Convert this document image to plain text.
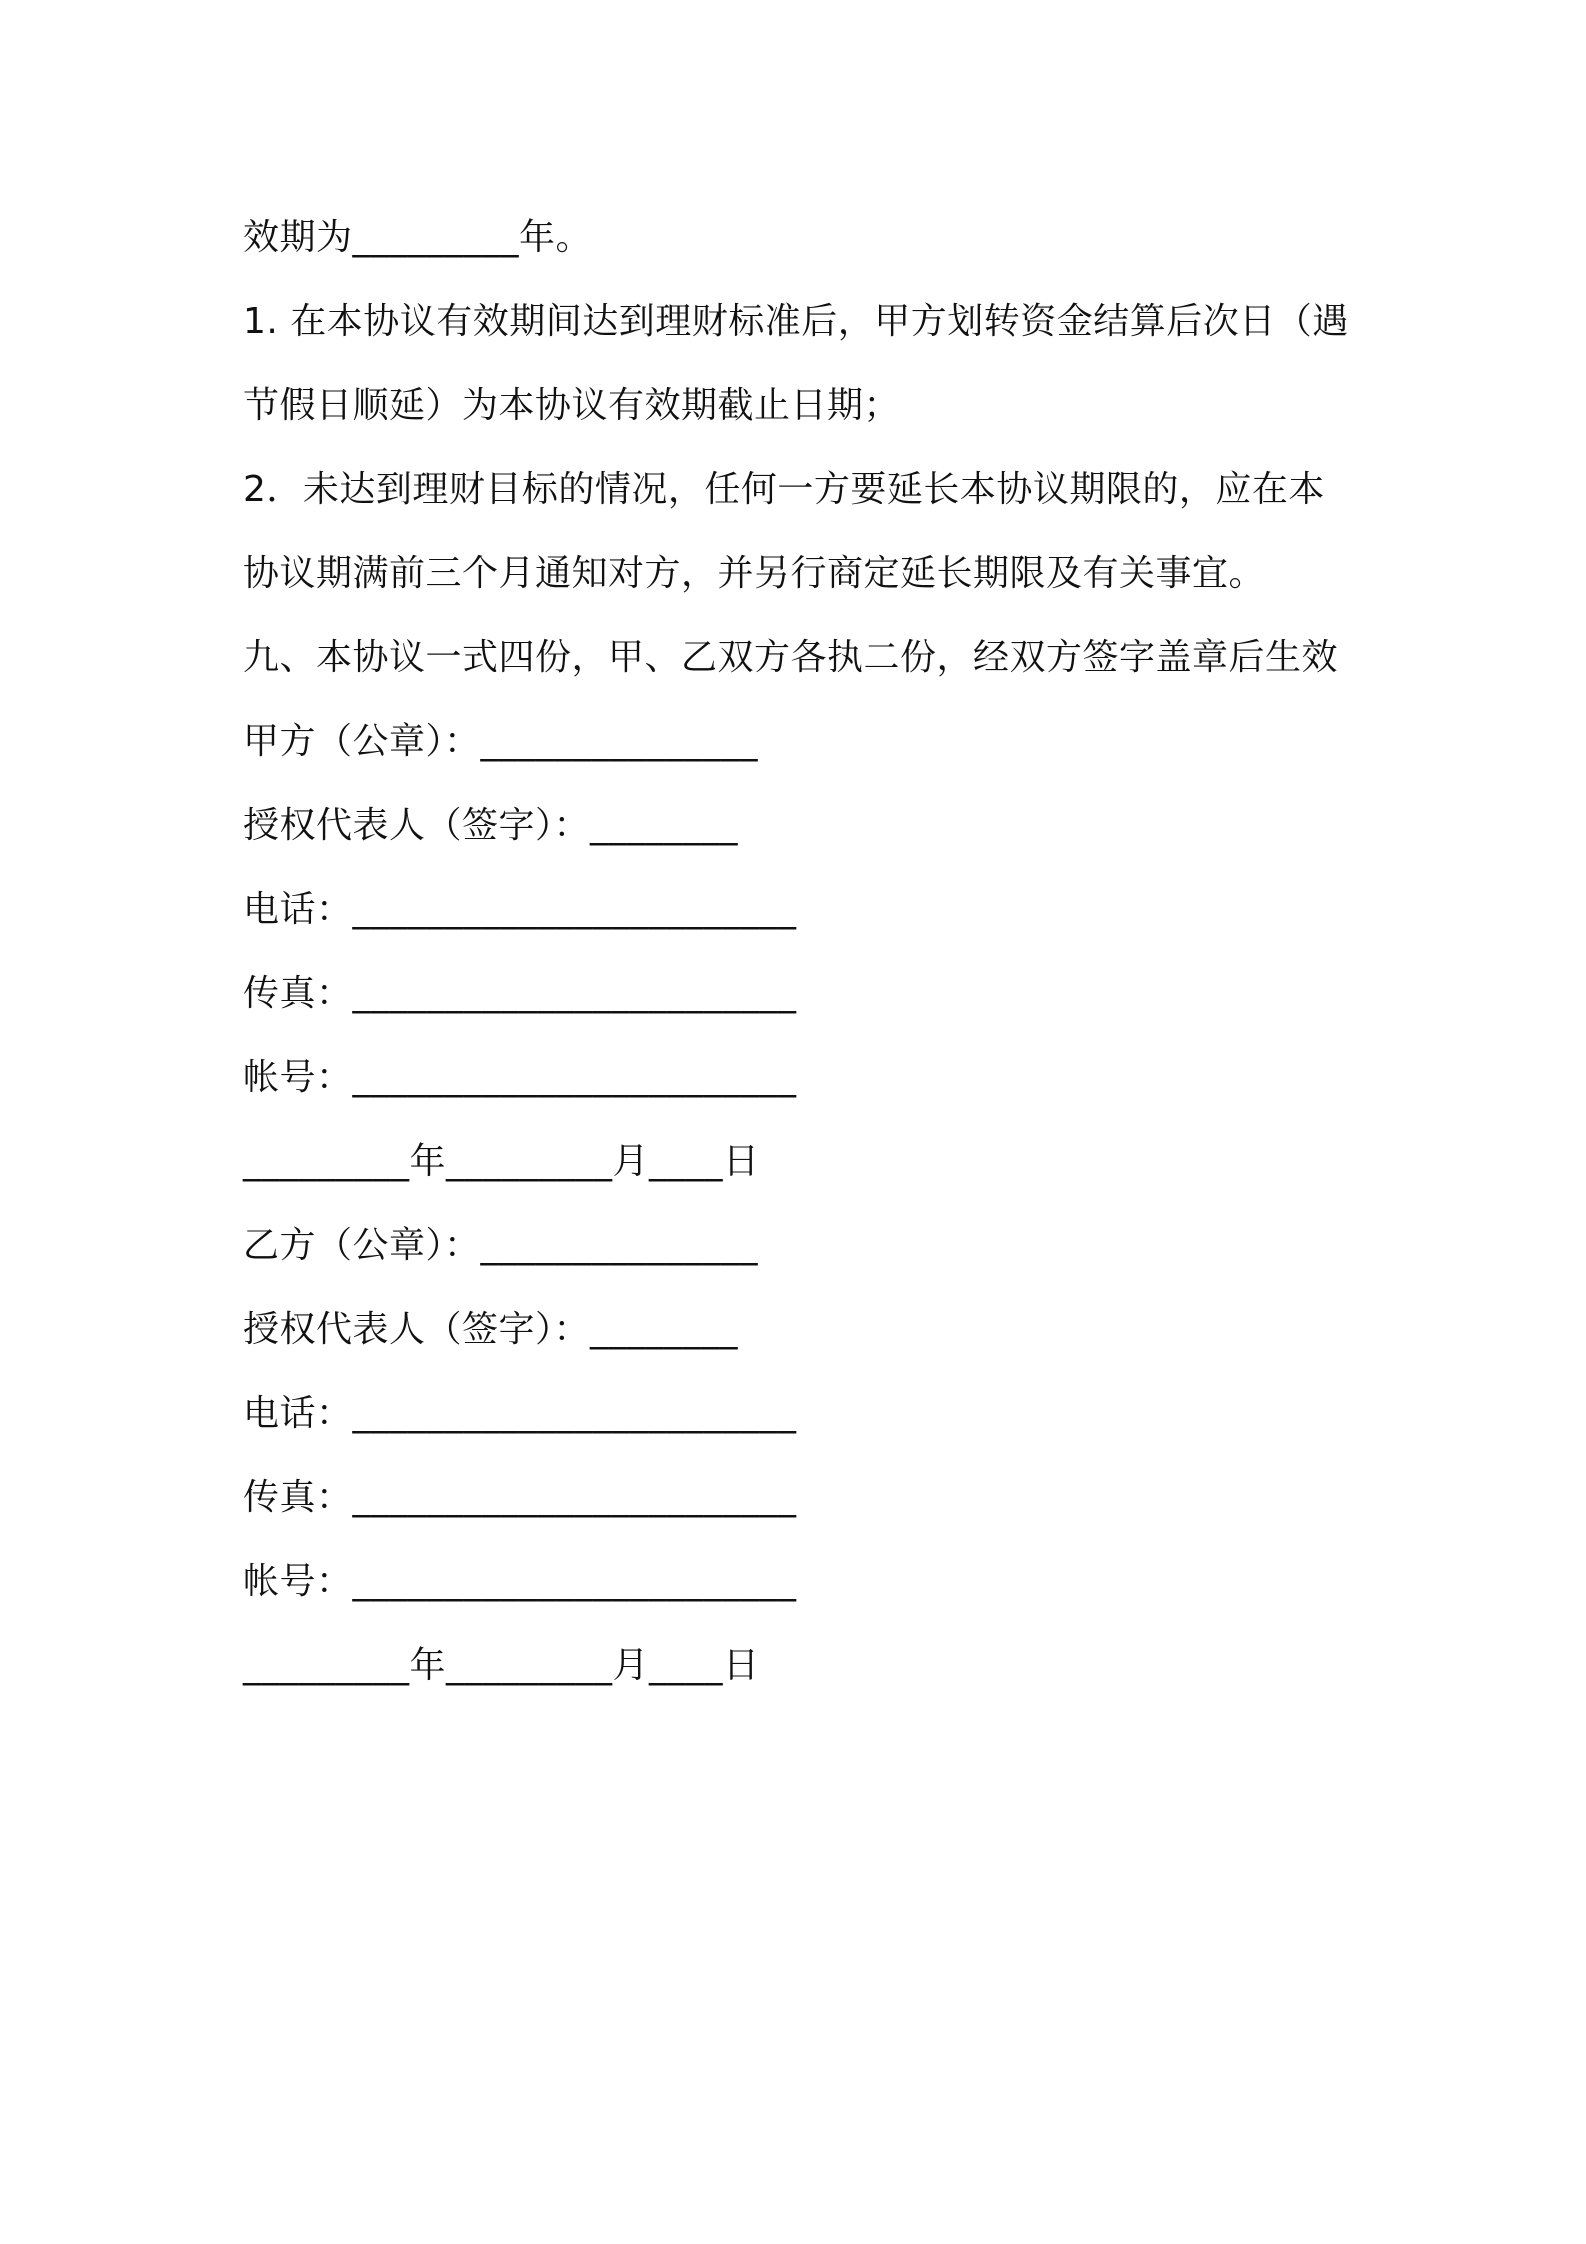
效期为_________年。
1. 在本协议有效期间达到理财标准后，甲方划转资金结算后次日（遇
节假日顺延）为本协议有效期截止日期；
2．未达到理财目标的情况，任何一方要延长本协议期限的，应在本
协议期满前三个月通知对方，并另行商定延长期限及有关事宜。
九、本协议一式四份，甲、乙双方各执二份，经双方签字盖章后生效
甲方（公章）：_______________
授权代表人（签字）：________
电话：________________________
传真：________________________
帐号：________________________
_________年_________月____日
乙方（公章）：_______________
授权代表人（签字）：________
电话：________________________
传真：________________________
帐号：________________________
_________年_________月____日
